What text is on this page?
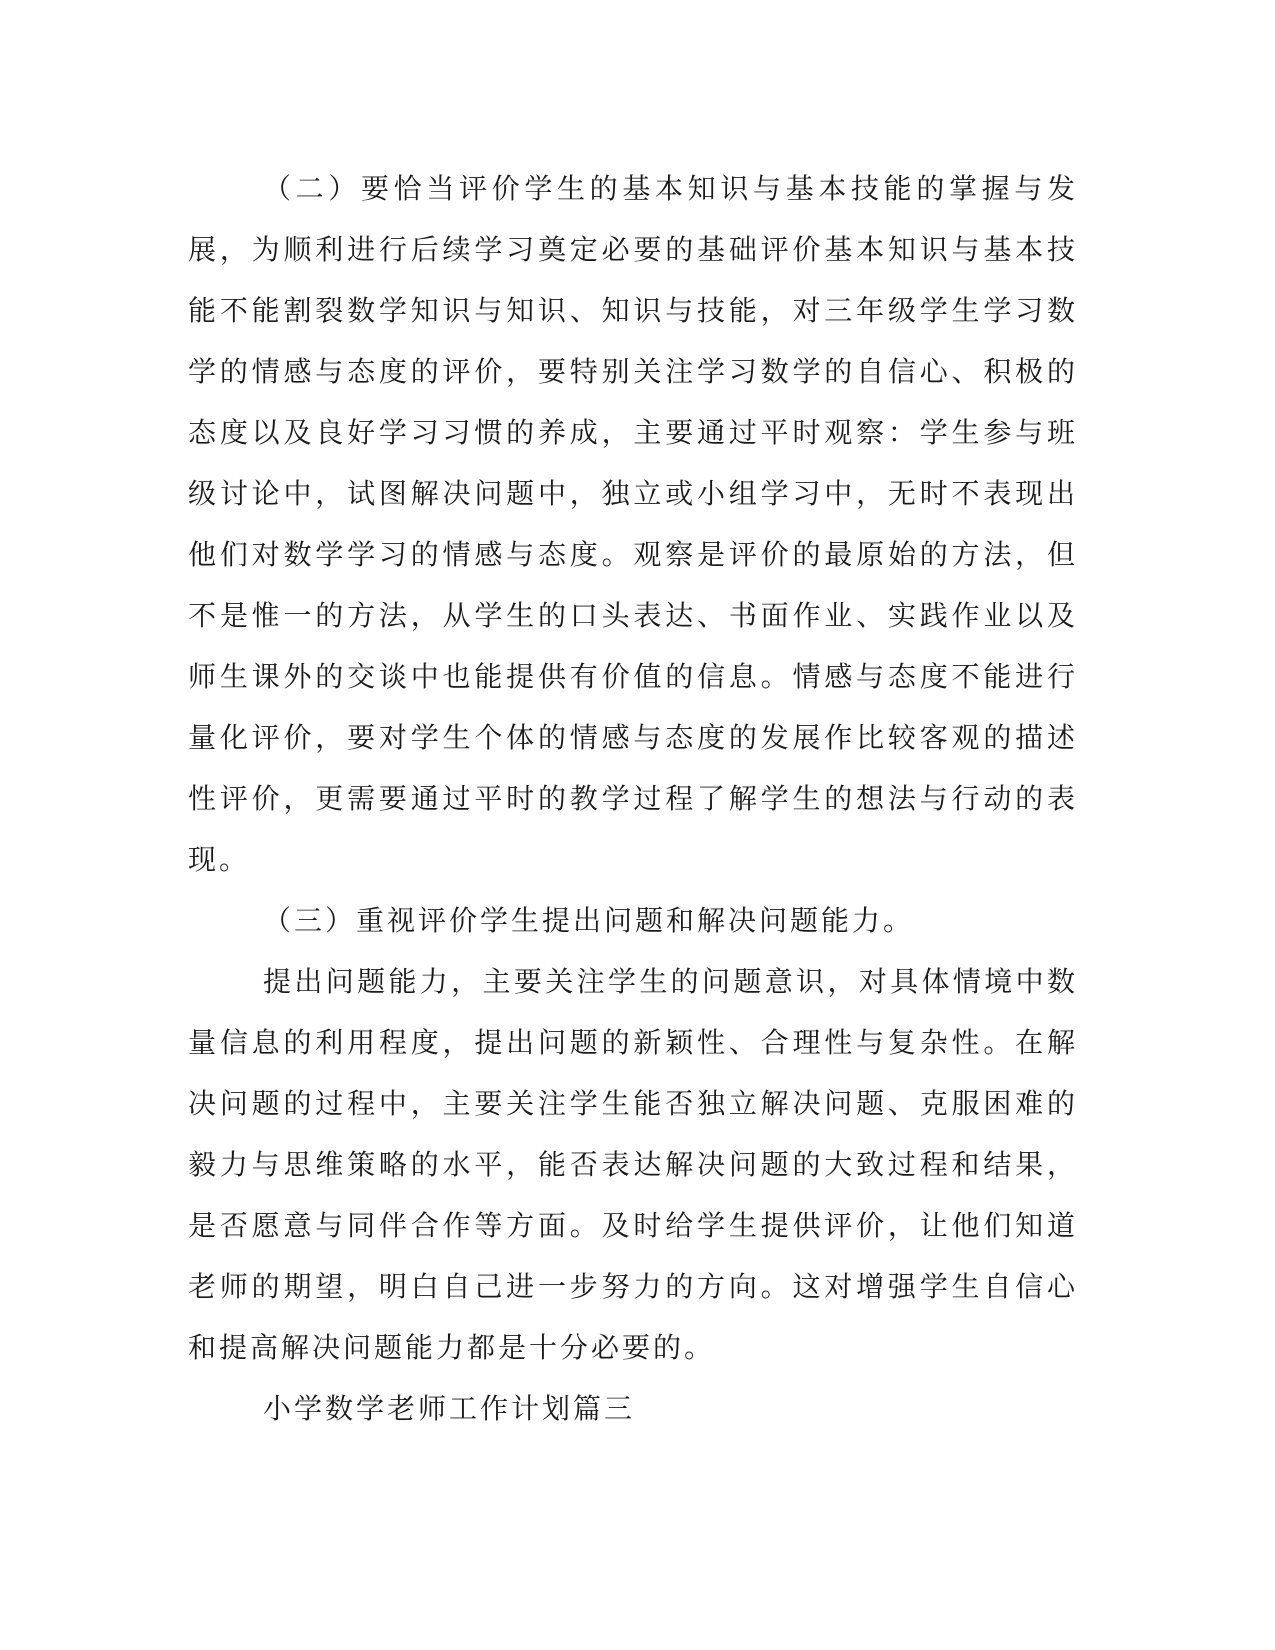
（二）要恰当评价学生的基本知识与基本技能的掌握与发展，为顺利进行后续学习奠定必要的基础评价基本知识与基本技能不能割裂数学知识与知识、知识与技能，对三年级学生学习数学的情感与态度的评价，要特别关注学习数学的自信心、积极的态度以及良好学习习惯的养成，主要通过平时观察：学生参与班级讨论中，试图解决问题中，独立或小组学习中，无时不表现出他们对数学学习的情感与态度。观察是评价的最原始的方法，但不是惟一的方法，从学生的口头表达、书面作业、实践作业以及师生课外的交谈中也能提供有价值的信息。情感与态度不能进行量化评价，要对学生个体的情感与态度的发展作比较客观的描述性评价，更需要通过平时的教学过程了解学生的想法与行动的表现。

（三）重视评价学生提出问题和解决问题能力。

提出问题能力，主要关注学生的问题意识，对具体情境中数量信息的利用程度，提出问题的新颖性、合理性与复杂性。在解决问题的过程中，主要关注学生能否独立解决问题、克服困难的毅力与思维策略的水平，能否表达解决问题的大致过程和结果，是否愿意与同伴合作等方面。及时给学生提供评价，让他们知道老师的期望，明白自己进一步努力的方向。这对增强学生自信心和提高解决问题能力都是十分必要的。

小学数学老师工作计划篇三
